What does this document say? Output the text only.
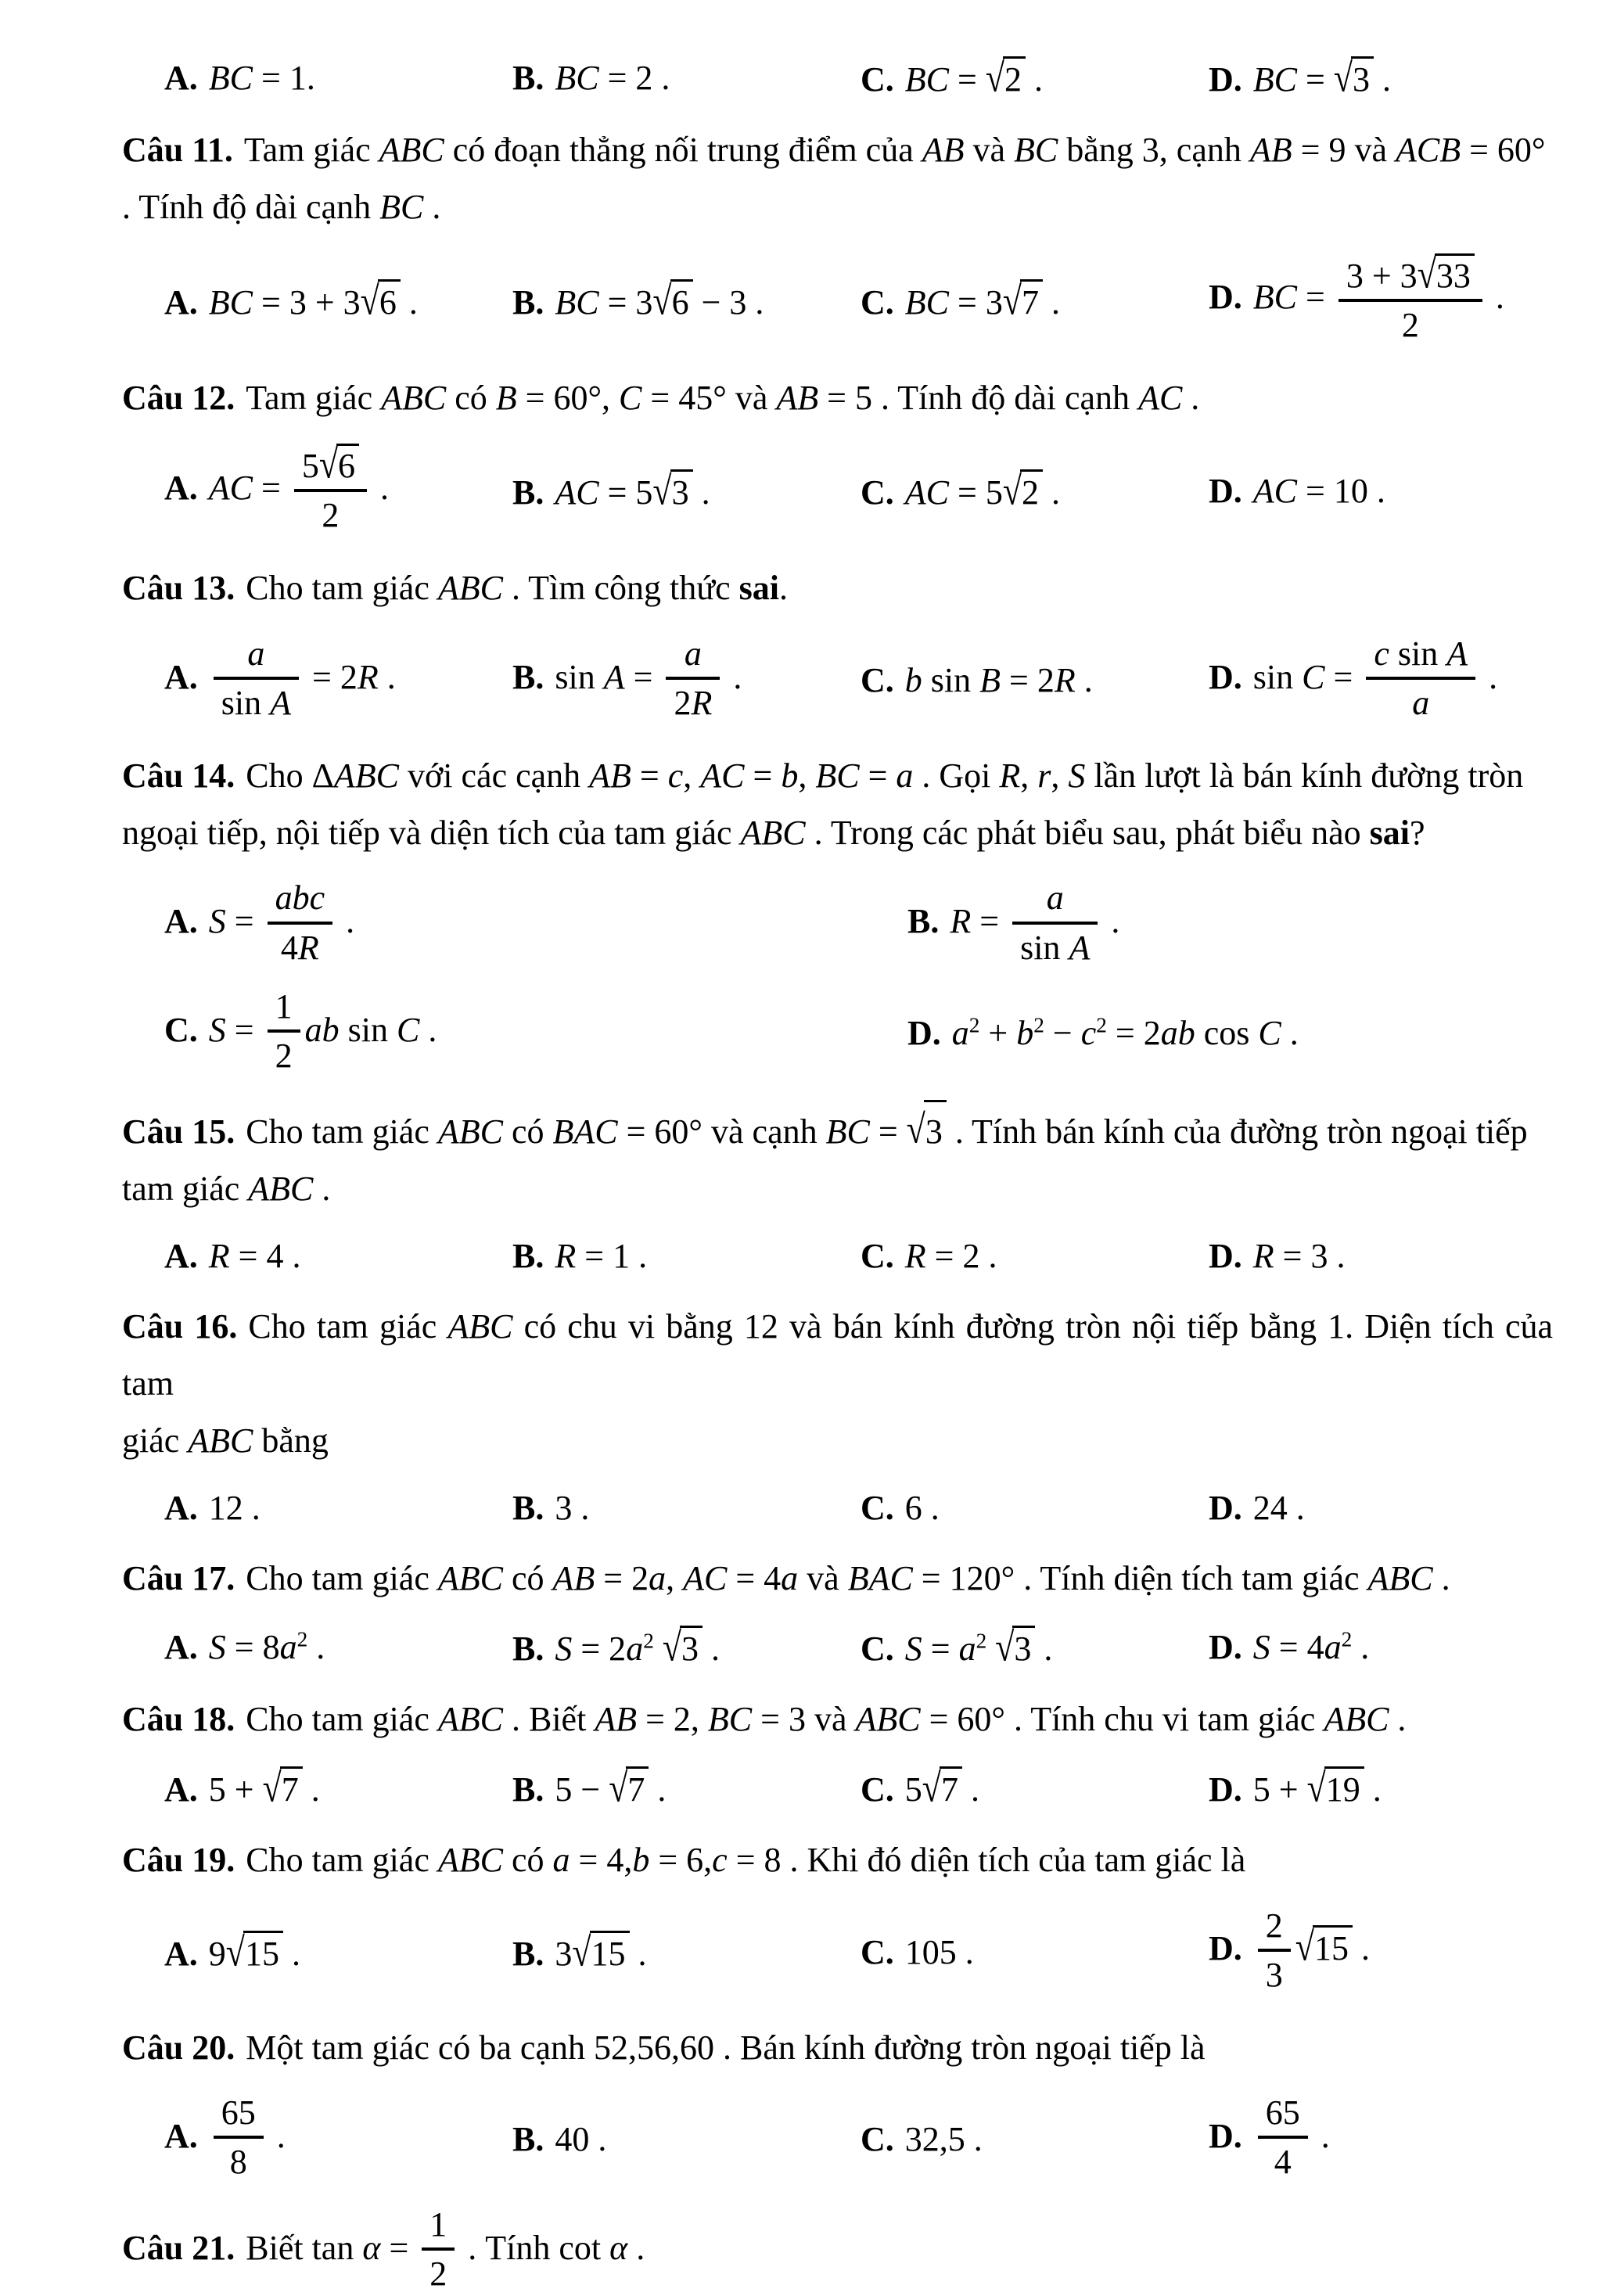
A. BC = 1.	B. BC = 2 .	C. BC = √2 .	D. BC = √3 .

Câu 11. Tam giác ABC có đoạn thẳng nối trung điểm của AB và BC bằng 3, cạnh AB = 9 và ACB = 60°
. Tính độ dài cạnh BC .

A. BC = 3 + 3√6 .	B. BC = 3√6 − 3 .	C. BC = 3√7 .	D. BC = $\frac{3 + 3√33}{2}$ .

Câu 12. Tam giác ABC có B = 60°, C = 45° và AB = 5 . Tính độ dài cạnh AC .

A. AC = $\frac{5√6}{2}$ .	B. AC = 5√3 .	C. AC = 5√2 .	D. AC = 10 .

Câu 13. Cho tam giác ABC . Tìm công thức sai.

A. $\frac{a}{\text{sin A}} = 2R$ .	B. $\sin A = \frac{a}{2R}$ .	C. b sin B = 2R .	D. $\sin C = \frac{\text{c sin A}}{a}$ .

Câu 14. Cho ΔABC với các cạnh AB = c, AC = b, BC = a . Gọi R, r, S lần lượt là bán kính đường tròn
ngoại tiếp, nội tiếp và diện tích của tam giác ABC . Trong các phát biểu sau, phát biểu nào sai?

A. $S = \frac{\text{abc}}{4R}$ .	B. $R = \frac{a}{\text{sin A}}$ .
C. $S = \frac{1}{2}$ ab sin C .	D. $a^2 + b^2 - c^2 = 2ab$ cos C .

Câu 15. Cho tam giác ABC có BAC = 60° và cạnh BC = √3 . Tính bán kính của đường tròn ngoại tiếp
tam giác ABC .

A. R = 4 .	B. R = 1 .	C. R = 2 .	D. R = 3 .

Câu 16. Cho tam giác ABC có chu vi bằng 12 và bán kính đường tròn nội tiếp bằng 1. Diện tích của tam
giác ABC bằng

A. 12 .	B. 3 .	C. 6 .	D. 24 .

Câu 17. Cho tam giác ABC có AB = 2a, AC = 4a và BAC = 120° . Tính diện tích tam giác ABC .

A. $S = 8a^2$ .	B. $S = 2a^2$ √3 .	C. $S = a^2$ √3 .	D. $S = 4a^2$ .

Câu 18. Cho tam giác ABC . Biết AB = 2, BC = 3 và ABC = 60° . Tính chu vi tam giác ABC .

A. 5 + √7 .	B. 5 − √7 .	C. 5√7 .	D. 5 + √19 .

Câu 19. Cho tam giác ABC có a = 4,b = 6,c = 8 . Khi đó diện tích của tam giác là

A. 9√15 .	B. 3√15 .	C. 105 .	D. $\frac{2}{3} √15$ .

Câu 20. Một tam giác có ba cạnh 52,56,60 . Bán kính đường tròn ngoại tiếp là

A. $\frac{65}{8}$ .	B. 40 .	C. 32,5 .	D. $\frac{65}{4}$ .

Câu 21. Biết $\tan \alpha = \frac{1}{2}$ . Tính cot α .
